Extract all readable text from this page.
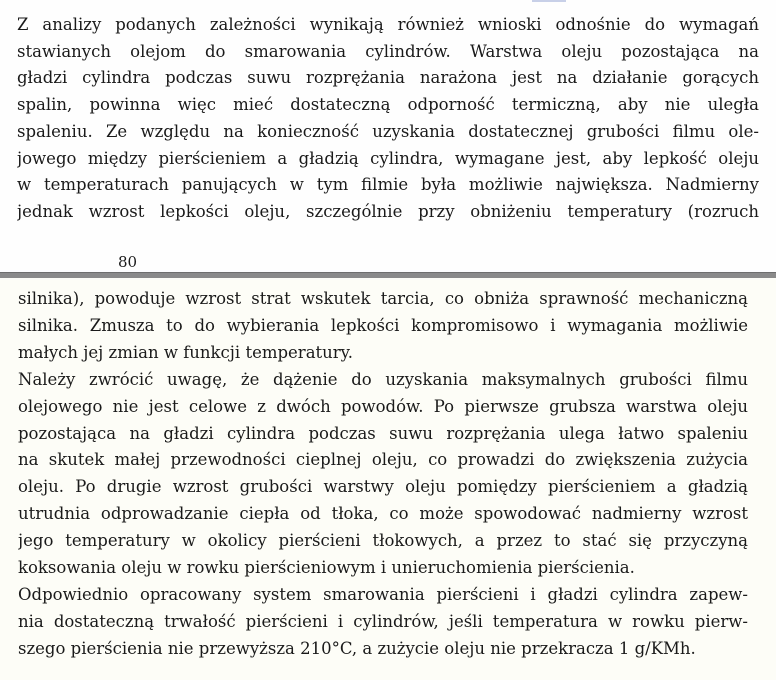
Z analizy podanych zależności wynikają również wnioski odnośnie do wymagań
stawianych olejom do smarowania cylindrów. Warstwa oleju pozostająca na
gładzi cylindra podczas suwu rozprężania narażona jest na działanie gorących
spalin, powinna więc mieć dostateczną odporność termiczną, aby nie uległa
spaleniu. Ze względu na konieczność uzyskania dostatecznej grubości filmu ole-
jowego między pierścieniem a gładzią cylindra, wymagane jest, aby lepkość oleju
w temperaturach panujących w tym filmie była możliwie największa. Nadmierny
jednak wzrost lepkości oleju, szczególnie przy obniżeniu temperatury (rozruch
80
silnika), powoduje wzrost strat wskutek tarcia, co obniża sprawność mechaniczną
silnika. Zmusza to do wybierania lepkości kompromisowo i wymagania możliwie
małych jej zmian w funkcji temperatury.
Należy zwrócić uwagę, że dążenie do uzyskania maksymalnych grubości filmu
olejowego nie jest celowe z dwóch powodów. Po pierwsze grubsza warstwa oleju
pozostająca na gładzi cylindra podczas suwu rozprężania ulega łatwo spaleniu
na skutek małej przewodności cieplnej oleju, co prowadzi do zwiększenia zużycia
oleju. Po drugie wzrost grubości warstwy oleju pomiędzy pierścieniem a gładzią
utrudnia odprowadzanie ciepła od tłoka, co może spowodować nadmierny wzrost
jego temperatury w okolicy pierścieni tłokowych, a przez to stać się przyczyną
koksowania oleju w rowku pierścieniowym i unieruchomienia pierścienia.
Odpowiednio opracowany system smarowania pierścieni i gładzi cylindra zapew-
nia dostateczną trwałość pierścieni i cylindrów, jeśli temperatura w rowku pierw-
szego pierścienia nie przewyższa 210°C, a zużycie oleju nie przekracza 1 g/KMh.
